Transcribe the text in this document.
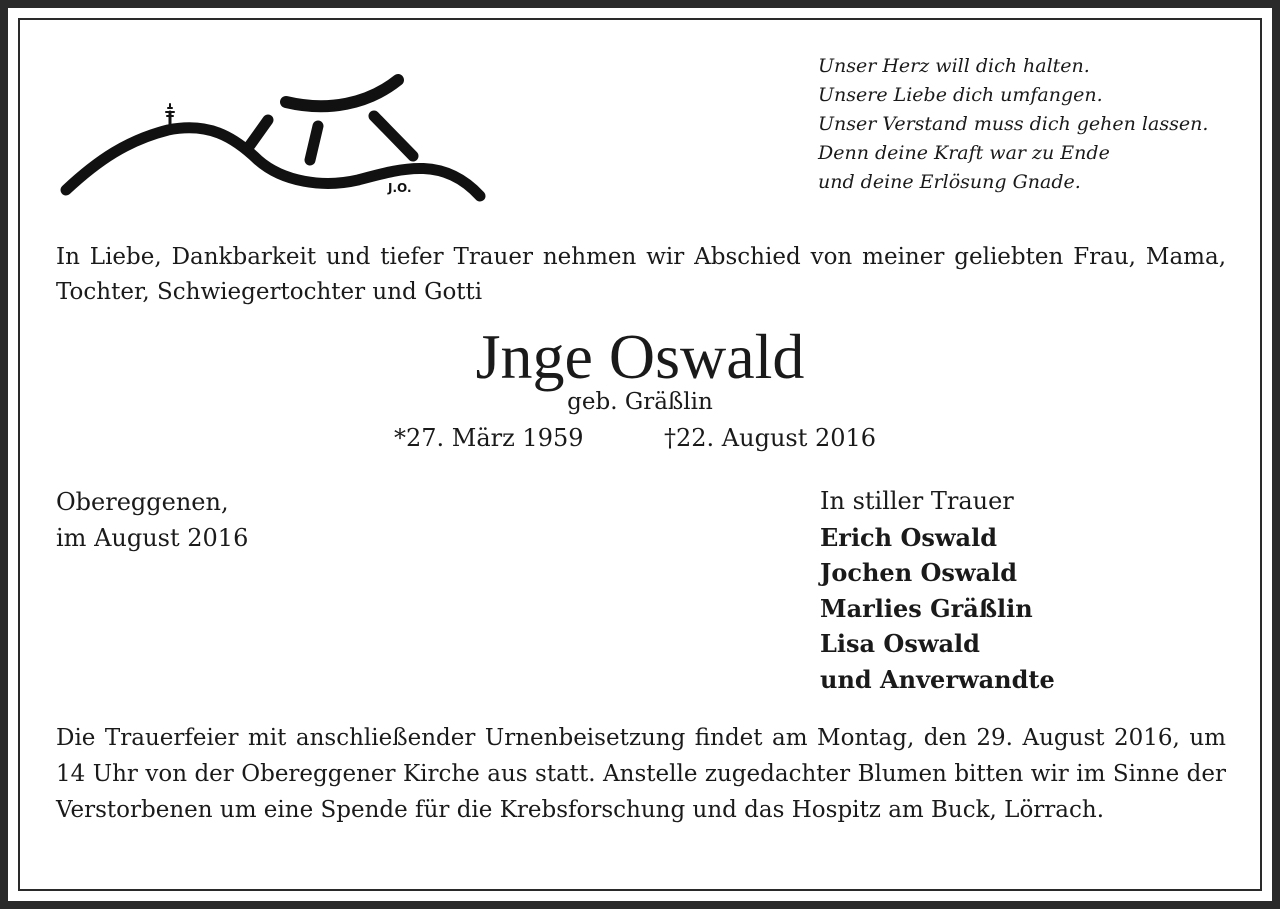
J.O.
Unser Herz will dich halten.
Unsere Liebe dich umfangen.
Unser Verstand muss dich gehen lassen.
Denn deine Kraft war zu Ende
und deine Erlösung Gnade.
In Liebe, Dankbarkeit und tiefer Trauer nehmen wir Abschied von meiner geliebten Frau, Mama, Tochter, Schwiegertochter und Gotti
Jnge Oswald
geb. Gräßlin
*27. März 1959	†22. August 2016
Obereggenen,
im August 2016
In stiller Trauer
Erich Oswald
Jochen Oswald
Marlies Gräßlin
Lisa Oswald
und Anverwandte
Die Trauerfeier mit anschließender Urnenbeisetzung findet am Montag, den 29. August 2016, um 14 Uhr von der Obereggener Kirche aus statt. Anstelle zugedachter Blumen bitten wir im Sinne der Verstorbenen um eine Spende für die Krebsforschung und das Hospitz am Buck, Lörrach.
